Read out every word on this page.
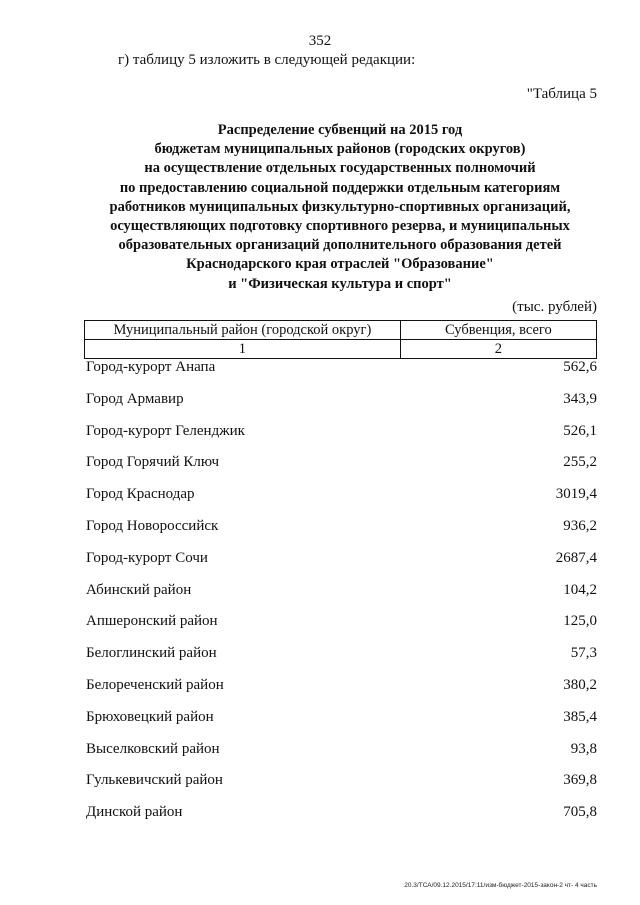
352
г) таблицу 5 изложить в следующей редакции:
"Таблица 5
Распределение субвенций на 2015 год
бюджетам муниципальных районов (городских округов)
на осуществление отдельных государственных полномочий
по предоставлению социальной поддержки отдельным категориям
работников муниципальных физкультурно-спортивных организаций,
осуществляющих подготовку спортивного резерва, и муниципальных
образовательных организаций дополнительного образования детей
Краснодарского края отраслей "Образование"
и "Физическая культура и спорт"
(тыс. рублей)
Муниципальный район (городской округ)	Субвенция, всего
1	2
Город-курорт Анапа	562,6
Город Армавир	343,9
Город-курорт Геленджик	526,1
Город Горячий Ключ	255,2
Город Краснодар	3019,4
Город Новороссийск	936,2
Город-курорт Сочи	2687,4
Абинский район	104,2
Апшеронский район	125,0
Белоглинский район	57,3
Белореченский район	380,2
Брюховецкий район	385,4
Выселковский район	93,8
Гулькевичский район	369,8
Динской район	705,8
20.3/ТСА/09.12.2015/17:11/изм-бюджет-2015-закон-2 чт- 4 часть
